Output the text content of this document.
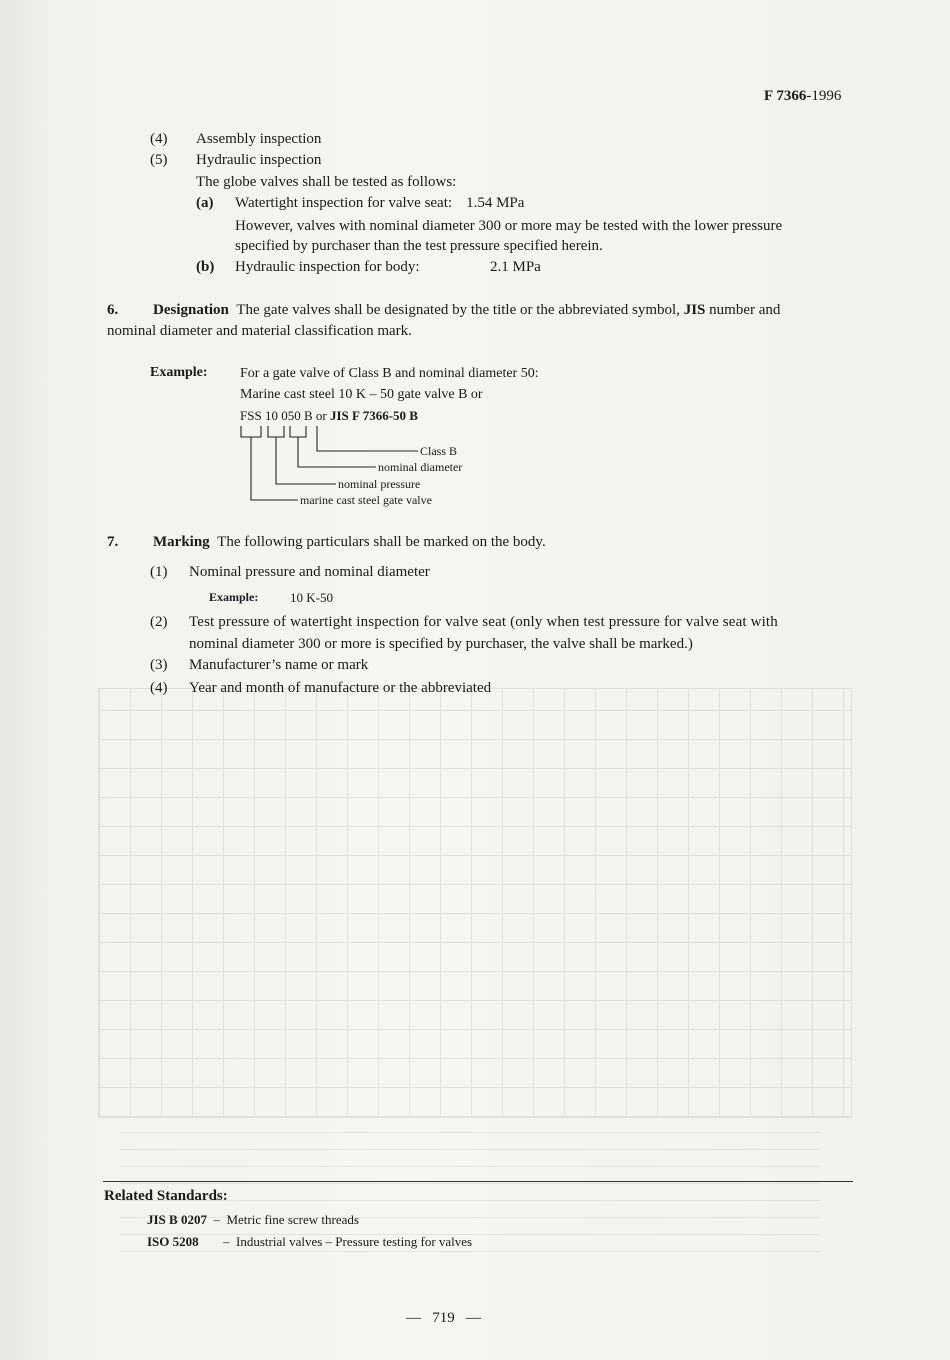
F 7366-1996
(4) Assembly inspection
(5) Hydraulic inspection
The globe valves shall be tested as follows:
(a) Watertight inspection for valve seat: 1.54 MPa
However, valves with nominal diameter 300 or more may be tested with the lower pressure
specified by purchaser than the test pressure specified herein.
(b) Hydraulic inspection for body:	2.1 MPa
6. Designation The gate valves shall be designated by the title or the abbreviated symbol, JIS number and
nominal diameter and material classification mark.
Example: For a gate valve of Class B and nominal diameter 50:
Marine cast steel 10 K – 50 gate valve B or
FSS 10 050 B or JIS F 7366-50 B
Class B
nominal diameter
nominal pressure
marine cast steel gate valve
7. Marking The following particulars shall be marked on the body.
(1) Nominal pressure and nominal diameter
Example: 10 K-50
(2) Test pressure of watertight inspection for valve seat (only when test pressure for valve seat with
nominal diameter 300 or more is specified by purchaser, the valve shall be marked.)
(3) Manufacturer’s name or mark
(4) Year and month of manufacture or the abbreviated
Related Standards:
JIS B 0207 – Metric fine screw threads
ISO 5208 – Industrial valves – Pressure testing for valves
— 719 —
